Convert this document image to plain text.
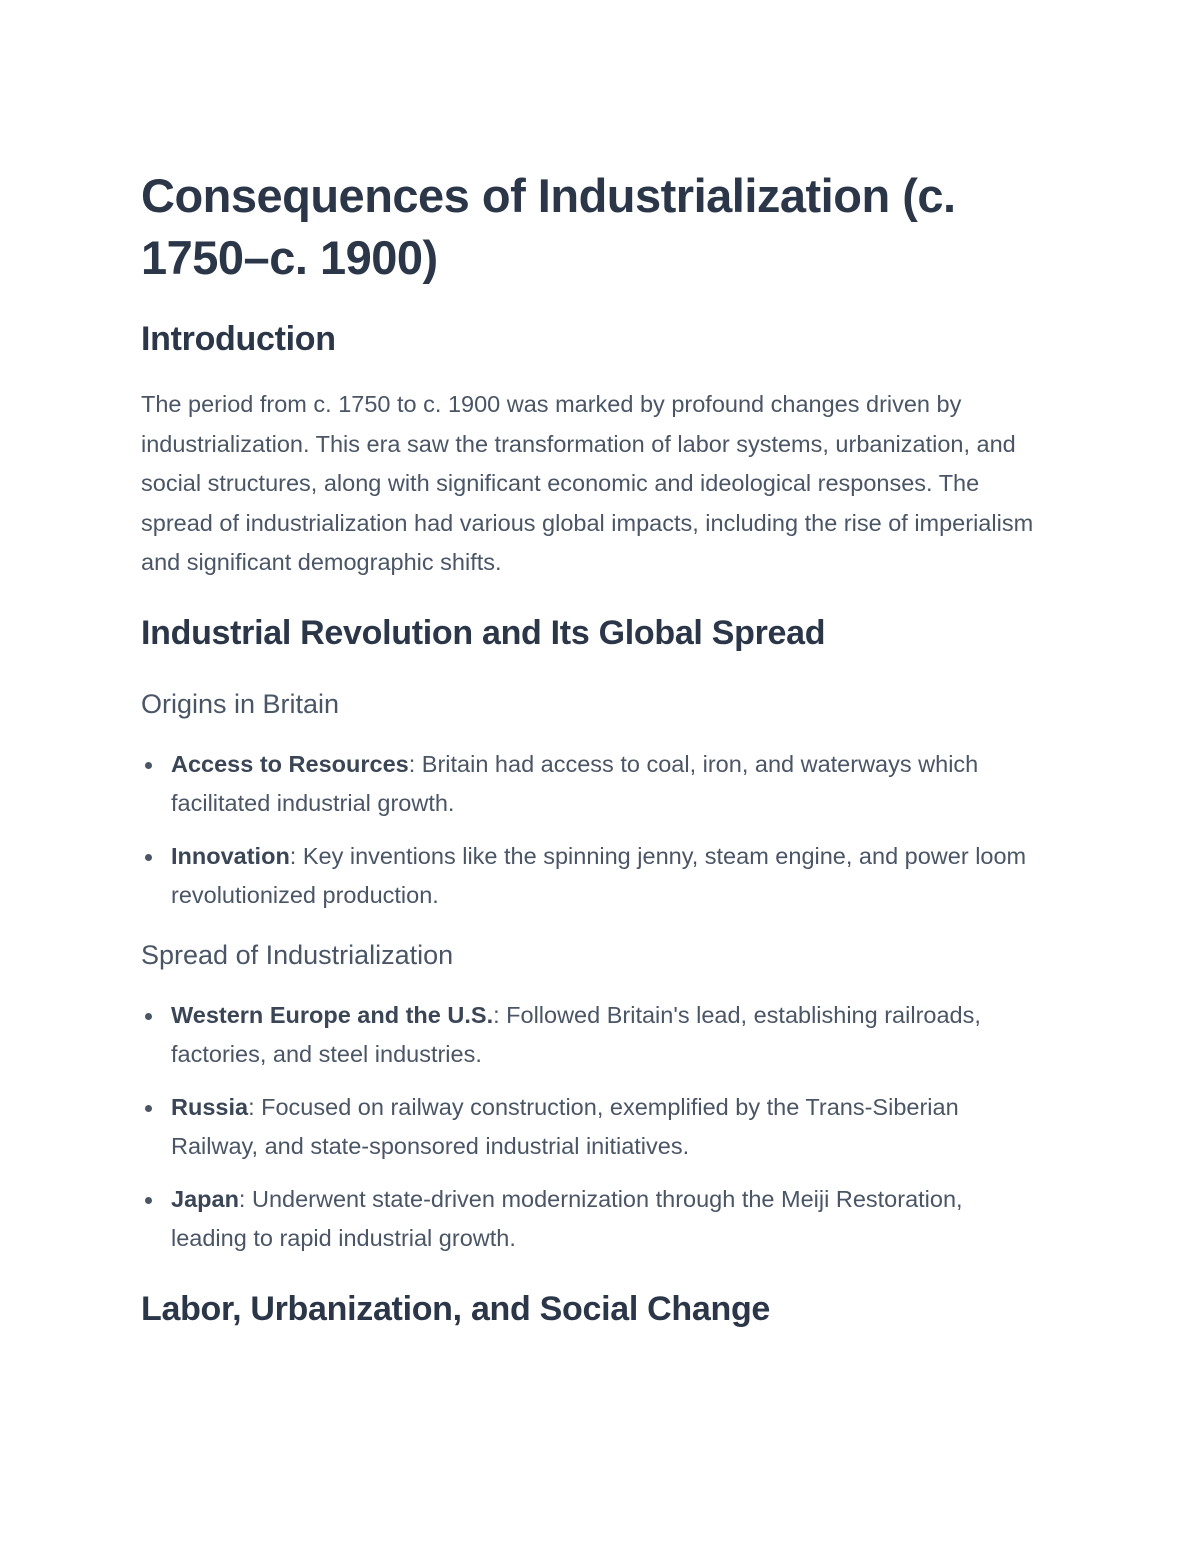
Consequences of Industrialization (c. 1750–c. 1900)
Introduction

The period from c. 1750 to c. 1900 was marked by profound changes driven by industrialization. This era saw the transformation of labor systems, urbanization, and social structures, along with significant economic and ideological responses. The spread of industrialization had various global impacts, including the rise of imperialism and significant demographic shifts.

Industrial Revolution and Its Global Spread
Origins in Britain
Access to Resources: Britain had access to coal, iron, and waterways which facilitated industrial growth.
Innovation: Key inventions like the spinning jenny, steam engine, and power loom revolutionized production.
Spread of Industrialization
Western Europe and the U.S.: Followed Britain's lead, establishing railroads, factories, and steel industries.
Russia: Focused on railway construction, exemplified by the Trans-Siberian Railway, and state-sponsored industrial initiatives.
Japan: Underwent state-driven modernization through the Meiji Restoration, leading to rapid industrial growth.
Labor, Urbanization, and Social Change
